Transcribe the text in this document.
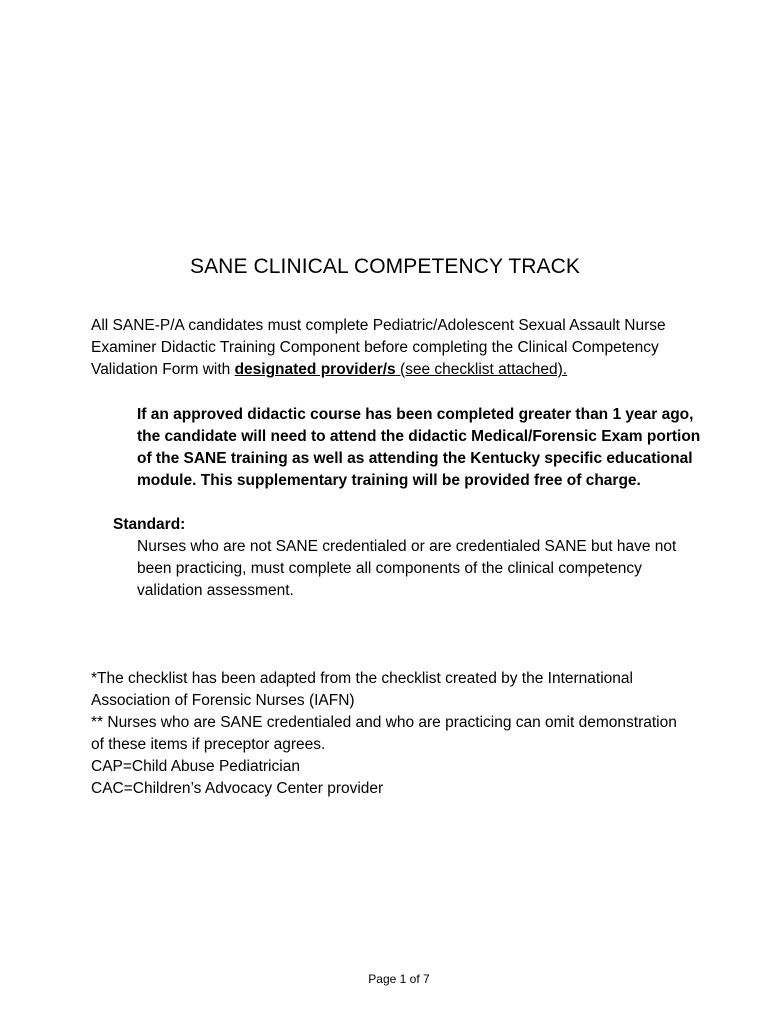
SANE CLINICAL COMPETENCY TRACK
All SANE-P/A candidates must complete Pediatric/Adolescent Sexual Assault Nurse
Examiner Didactic Training Component before completing the Clinical Competency
Validation Form with designated provider/s (see checklist attached).
If an approved didactic course has been completed greater than 1 year ago,
the candidate will need to attend the didactic Medical/Forensic Exam portion
of the SANE training as well as attending the Kentucky specific educational
module. This supplementary training will be provided free of charge.
Standard:
Nurses who are not SANE credentialed or are credentialed SANE but have not
been practicing, must complete all components of the clinical competency
validation assessment.
*The checklist has been adapted from the checklist created by the International
Association of Forensic Nurses (IAFN)
** Nurses who are SANE credentialed and who are practicing can omit demonstration
of these items if preceptor agrees.
CAP=Child Abuse Pediatrician
CAC=Children’s Advocacy Center provider
Page 1 of 7
